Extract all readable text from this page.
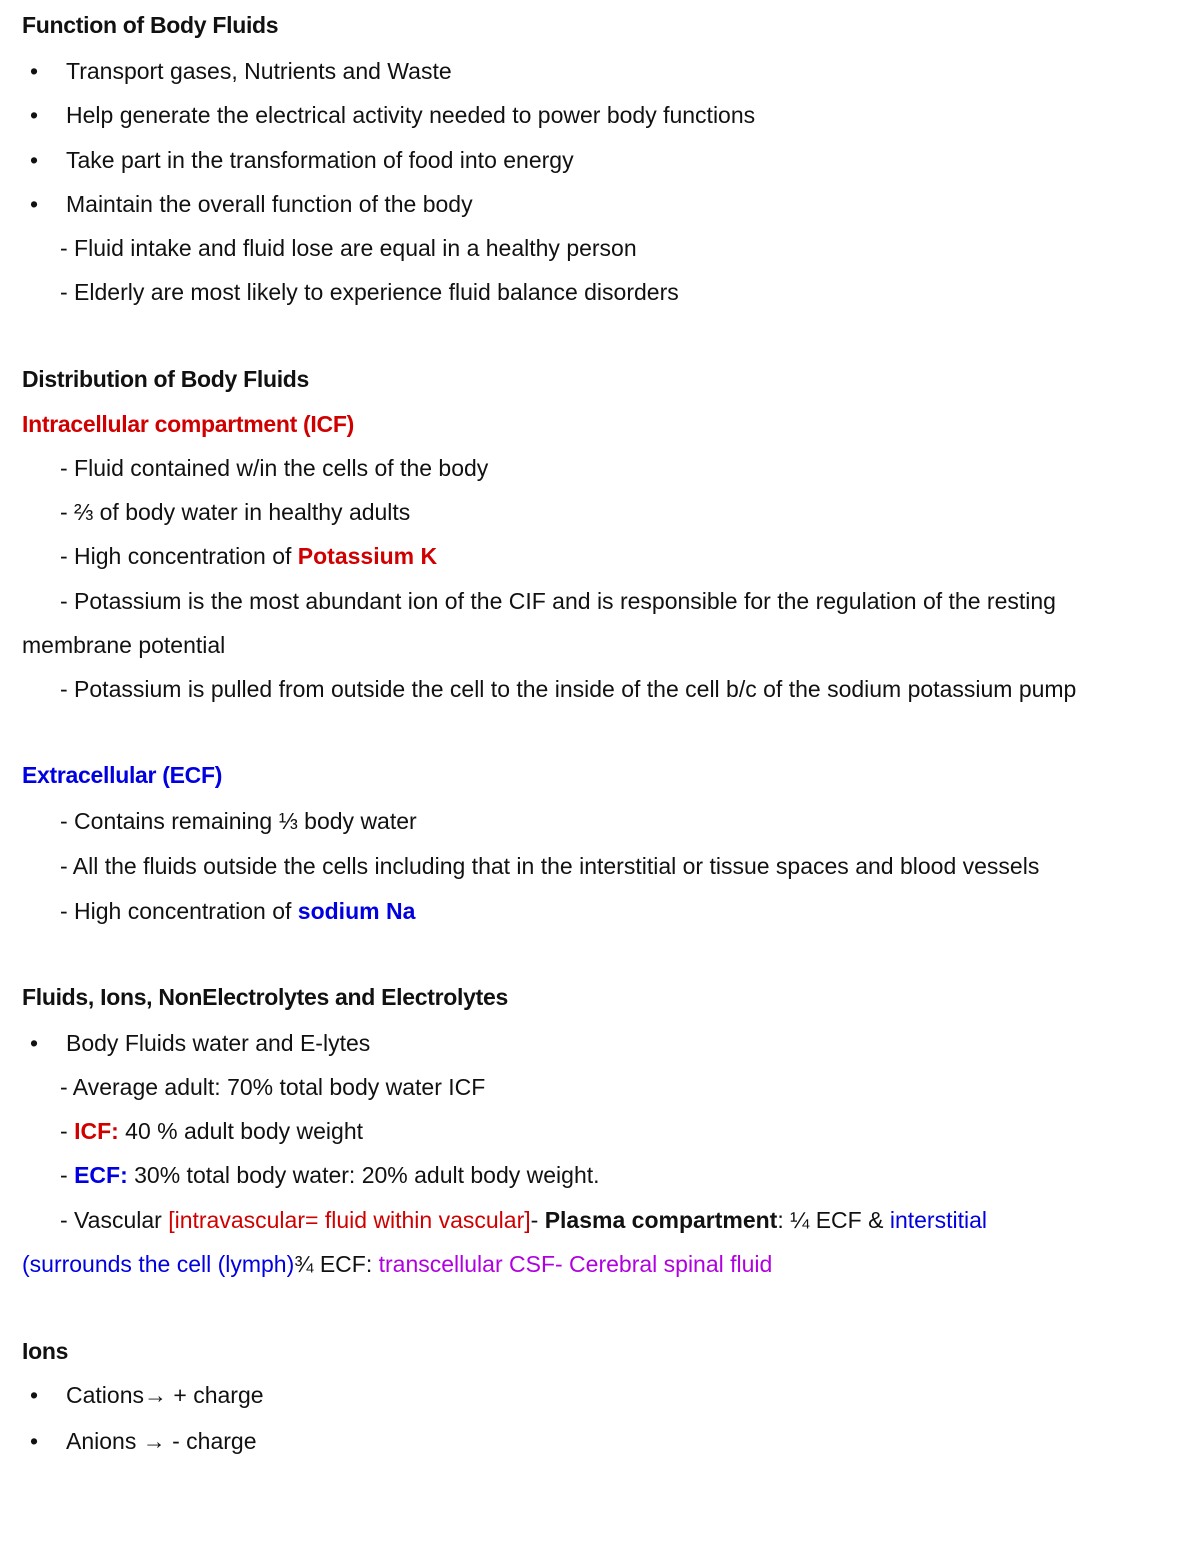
Function of Body Fluids
• Transport gases, Nutrients and Waste
• Help generate the electrical activity needed to power body functions
• Take part in the transformation of food into energy
• Maintain the overall function of the body
- Fluid intake and fluid lose are equal in a healthy person
- Elderly are most likely to experience fluid balance disorders
Distribution of Body Fluids
Intracellular compartment (ICF)
- Fluid contained w/in the cells of the body
- ⅔ of body water in healthy adults
- High concentration of Potassium K
- Potassium is the most abundant ion of the CIF and is responsible for the regulation of the resting
membrane potential
- Potassium is pulled from outside the cell to the inside of the cell b/c of the sodium potassium pump
Extracellular (ECF)
- Contains remaining ⅓ body water
- All the fluids outside the cells including that in the interstitial or tissue spaces and blood vessels
- High concentration of sodium Na
Fluids, Ions, NonElectrolytes and Electrolytes
• Body Fluids water and E-lytes
- Average adult: 70% total body water ICF
- ICF: 40 % adult body weight
- ECF: 30% total body water: 20% adult body weight.
- Vascular [intravascular= fluid within vascular]- Plasma compartment: ¼ ECF & interstitial
(surrounds the cell (lymph)¾ ECF: transcellular CSF- Cerebral spinal fluid
Ions
• Cations→ + charge
• Anions → - charge
